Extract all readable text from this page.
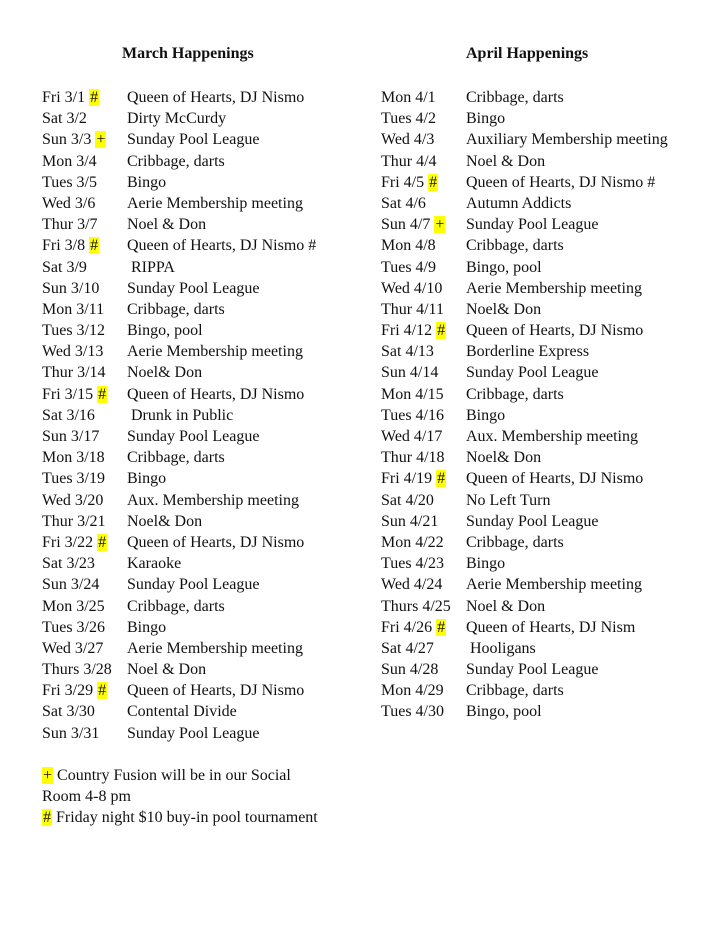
March Happenings
Fri 3/1 # Queen of Hearts, DJ Nismo
Sat 3/2	Dirty McCurdy
Sun 3/3 + Sunday Pool League
Mon 3/4 Cribbage, darts
Tues 3/5 Bingo
Wed 3/6 Aerie Membership meeting
Thur 3/7 Noel & Don
Fri 3/8 # Queen of Hearts, DJ Nismo #
Sat 3/9	RIPPA
Sun 3/10 Sunday Pool League
Mon 3/11 Cribbage, darts
Tues 3/12 Bingo, pool
Wed 3/13 Aerie Membership meeting
Thur 3/14 Noel& Don
Fri 3/15 # Queen of Hearts, DJ Nismo
Sat 3/16 Drunk in Public
Sun 3/17 Sunday Pool League
Mon 3/18 Cribbage, darts
Tues 3/19 Bingo
Wed 3/20 Aux. Membership meeting
Thur 3/21 Noel& Don
Fri 3/22 # Queen of Hearts, DJ Nismo
Sat 3/23 Karaoke
Sun 3/24 Sunday Pool League
Mon 3/25 Cribbage, darts
Tues 3/26 Bingo
Wed 3/27 Aerie Membership meeting
Thurs 3/28 Noel & Don
Fri 3/29 # Queen of Hearts, DJ Nismo
Sat 3/30 Contental Divide
Sun 3/31 Sunday Pool League
April Happenings
Mon 4/1 Cribbage, darts
Tues 4/2 Bingo
Wed 4/3 Auxiliary Membership meeting
Thur 4/4 Noel & Don
Fri 4/5 # Queen of Hearts, DJ Nismo #
Sat 4/6	Autumn Addicts
Sun 4/7 + Sunday Pool League
Mon 4/8 Cribbage, darts
Tues 4/9 Bingo, pool
Wed 4/10 Aerie Membership meeting
Thur 4/11 Noel& Don
Fri 4/12 # Queen of Hearts, DJ Nismo
Sat 4/13 Borderline Express
Sun 4/14 Sunday Pool League
Mon 4/15 Cribbage, darts
Tues 4/16 Bingo
Wed 4/17 Aux. Membership meeting
Thur 4/18 Noel& Don
Fri 4/19 # Queen of Hearts, DJ Nismo
Sat 4/20 No Left Turn
Sun 4/21 Sunday Pool League
Mon 4/22 Cribbage, darts
Tues 4/23 Bingo
Wed 4/24 Aerie Membership meeting
Thurs 4/25 Noel & Don
Fri 4/26 # Queen of Hearts, DJ Nism
Sat 4/27 Hooligans
Sun 4/28 Sunday Pool League
Mon 4/29 Cribbage, darts
Tues 4/30 Bingo, pool
+ Country Fusion will be in our Social
Room 4-8 pm
# Friday night $10 buy-in pool tournament
